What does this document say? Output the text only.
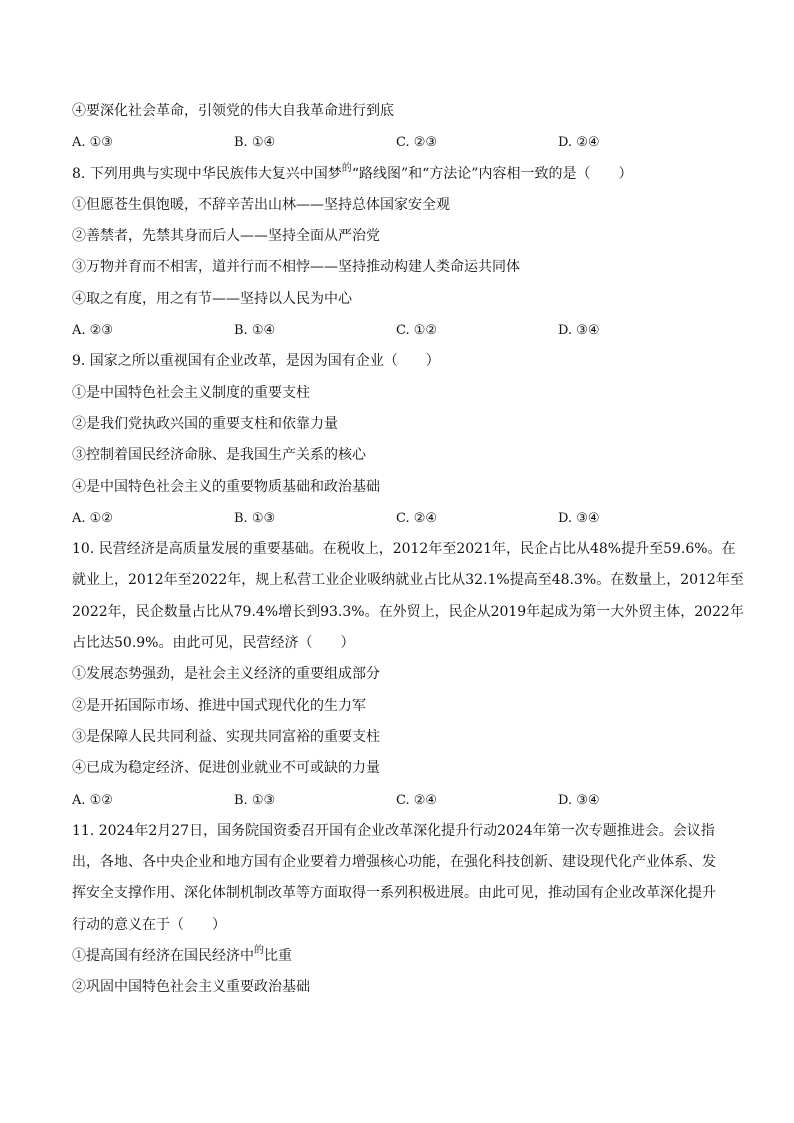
④要深化社会革命，引领党的伟大自我革命进行到底
A. ①③	B. ①④	C. ②③	D. ②④
8. 下列用典与实现中华民族伟大复兴中国梦$^的$“路线图”和“方法论”内容相一致的是（　　）
①但愿苍生俱饱暖，不辞辛苦出山林——坚持总体国家安全观
②善禁者，先禁其身而后人——坚持全面从严治党
③万物并育而不相害，道并行而不相悖——坚持推动构建人类命运共同体
④取之有度，用之有节——坚持以人民为中心
A. ②③	B. ①④	C. ①②	D. ③④
9. 国家之所以重视国有企业改革，是因为国有企业（　　）
①是中国特色社会主义制度的重要支柱
②是我们党执政兴国的重要支柱和依靠力量
③控制着国民经济命脉、是我国生产关系的核心
④是中国特色社会主义的重要物质基础和政治基础
A. ①②	B. ①③	C. ②④	D. ③④
10. 民营经济是高质量发展的重要基础。在税收上，2012年至2021年，民企占比从48%提升至59.6%。在
就业上，2012年至2022年，规上私营工业企业吸纳就业占比从32.1%提高至48.3%。在数量上，2012年至
2022年，民企数量占比从79.4%增长到93.3%。在外贸上，民企从2019年起成为第一大外贸主体，2022年
占比达50.9%。由此可见，民营经济（　　）
①发展态势强劲，是社会主义经济的重要组成部分
②是开拓国际市场、推进中国式现代化的生力军
③是保障人民共同利益、实现共同富裕的重要支柱
④已成为稳定经济、促进创业就业不可或缺的力量
A. ①②	B. ①③	C. ②④	D. ③④
11. 2024年2月27日，国务院国资委召开国有企业改革深化提升行动2024年第一次专题推进会。会议指
出，各地、各中央企业和地方国有企业要着力增强核心功能，在强化科技创新、建设现代化产业体系、发
挥安全支撑作用、深化体制机制改革等方面取得一系列积极进展。由此可见，推动国有企业改革深化提升
行动的意义在于（　　）
①提高国有经济在国民经济中$^的$比重
②巩固中国特色社会主义重要政治基础
